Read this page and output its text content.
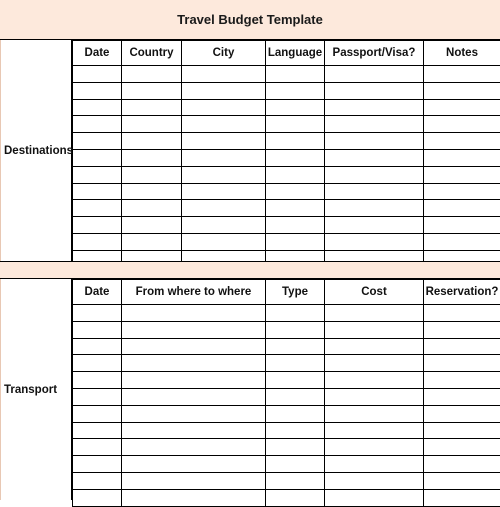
Travel Budget Template
Destinations
Date	Country	City	Language	Passport/Visa?	Notes

Transport
Date	From where to where	Type	Cost	Reservation?
